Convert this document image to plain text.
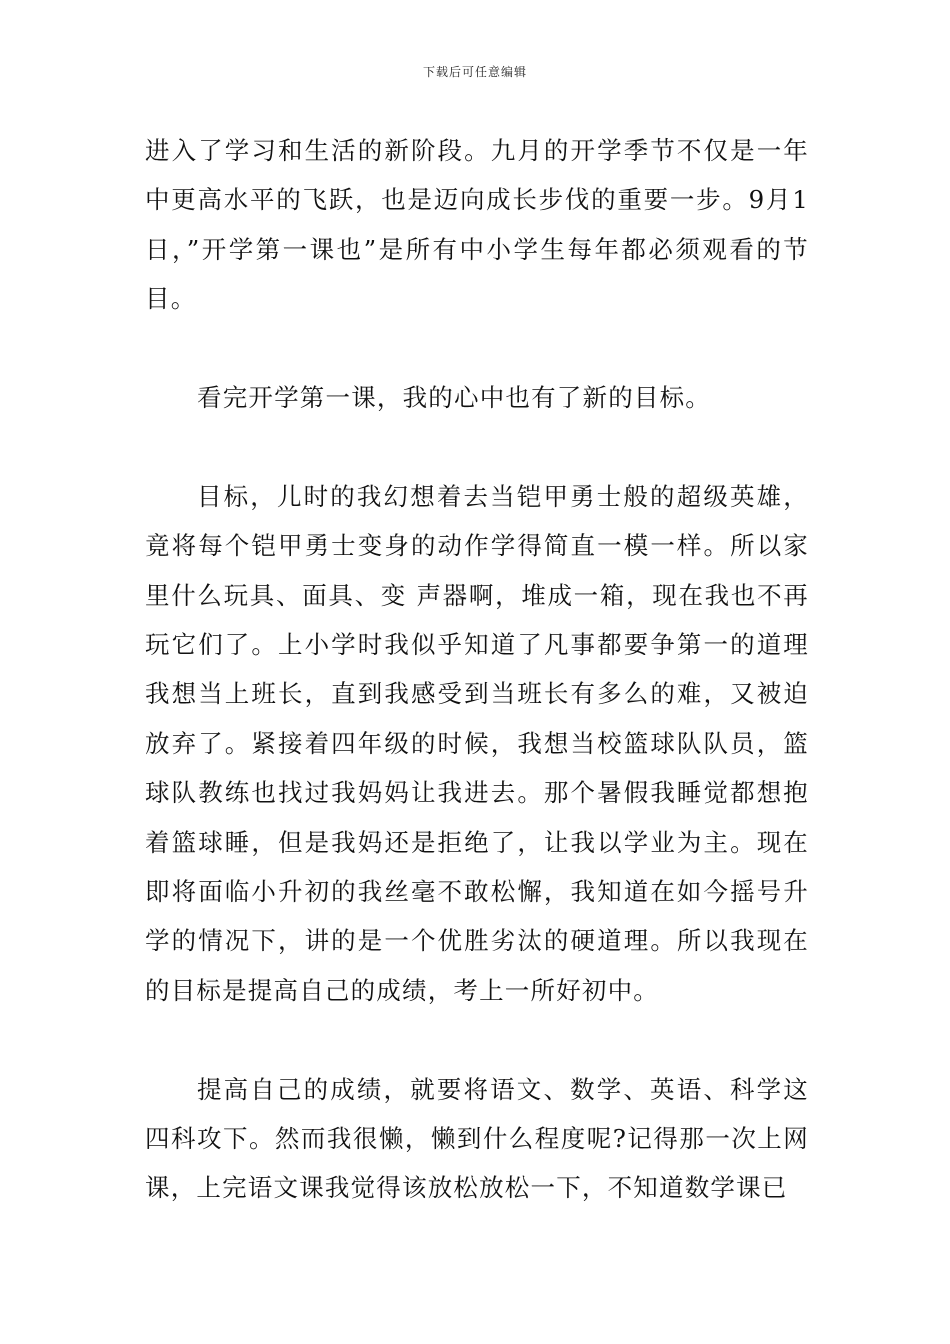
下载后可任意编辑

进入了学习和生活的新阶段。九月的开学季节不仅是一年中更高水平的飞跃，也是迈向成长步伐的重要一步。9月1日，”开学第一课也”是所有中小学生每年都必须观看的节目。

看完开学第一课，我的心中也有了新的目标。

目标，儿时的我幻想着去当铠甲勇士般的超级英雄，竟将每个铠甲勇士变身的动作学得简直一模一样。所以家里什么玩具、面具、变 声器啊，堆成一箱，现在我也不再玩它们了。上小学时我似乎知道了凡事都要争第一的道理我想当上班长，直到我感受到当班长有多么的难，又被迫放弃了。紧接着四年级的时候，我想当校篮球队队员，篮球队教练也找过我妈妈让我进去。那个暑假我睡觉都想抱着篮球睡，但是我妈还是拒绝了，让我以学业为主。现在即将面临小升初的我丝毫不敢松懈，我知道在如今摇号升学的情况下，讲的是一个优胜劣汰的硬道理。所以我现在的目标是提高自己的成绩，考上一所好初中。

提高自己的成绩，就要将语文、数学、英语、科学这四科攻下。然而我很懒，懒到什么程度呢?记得那一次上网课，上完语文课我觉得该放松放松一下，不知道数学课已
